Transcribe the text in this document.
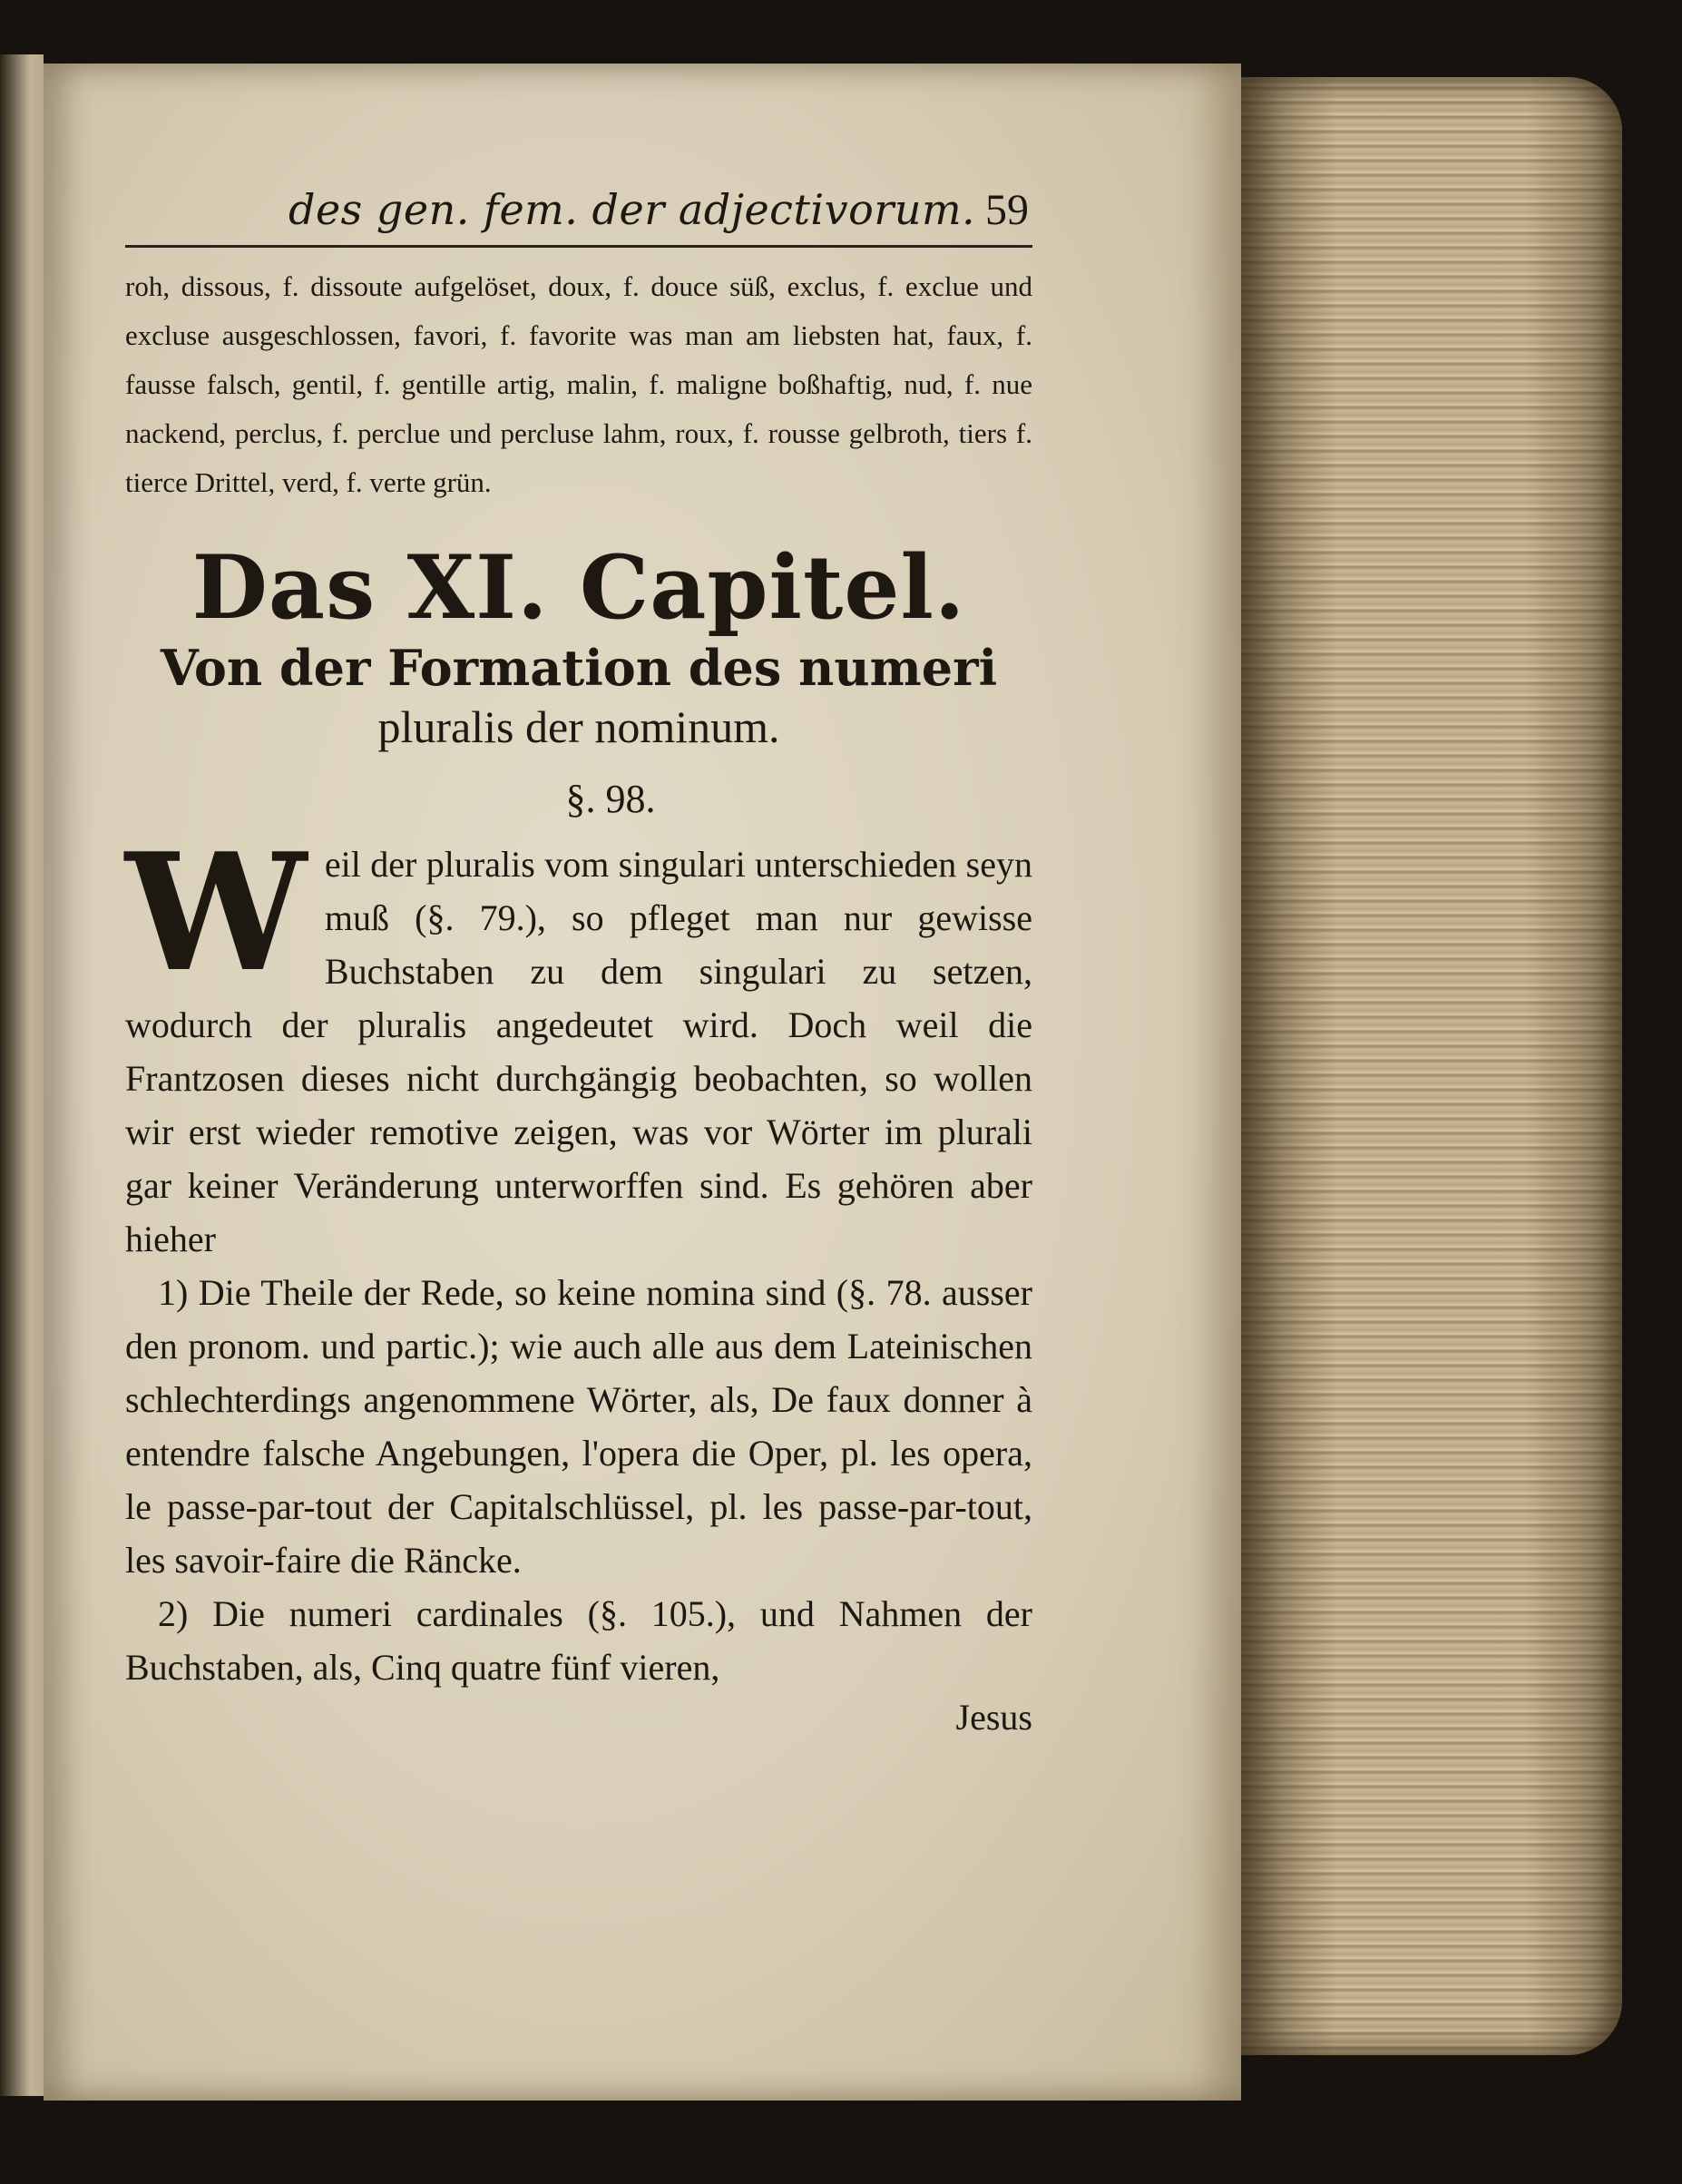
des gen. fem. der adjectivorum. 59

roh, dissous, f. dissoute aufgelöset, doux, f. douce süß, exclus, f. exclue und excluse ausgeschlossen, favori, f. favorite was man am liebsten hat, faux, f. fausse falsch, gentil, f. gentille artig, malin, f. maligne boßhaftig, nud, f. nue nackend, perclus, f. perclue und percluse lahm, roux, f. rousse gelbroth, tiers f. tierce Drittel, verd, f. verte grün.

Das XI. Capitel.
Von der Formation des numeri
pluralis der nominum.
§. 98.

Weil der pluralis vom singulari unterschieden seyn muß (§. 79.), so pfleget man nur gewisse Buchstaben zu dem singulari zu setzen, wodurch der pluralis angedeutet wird. Doch weil die Frantzosen dieses nicht durchgängig beobachten, so wollen wir erst wieder remotive zeigen, was vor Wörter im plurali gar keiner Veränderung unterworffen sind. Es gehören aber hieher

1) Die Theile der Rede, so keine nomina sind (§. 78. ausser den pronom. und partic.); wie auch alle aus dem Lateinischen schlechterdings angenommene Wörter, als, De faux donner à entendre falsche Angebungen, l'opera die Oper, pl. les opera, le passe-par-tout der Capitalschlüssel, pl. les passe-par-tout, les savoir-faire die Räncke.

2) Die numeri cardinales (§. 105.), und Nahmen der Buchstaben, als, Cinq quatre fünf vieren,

Jesus
